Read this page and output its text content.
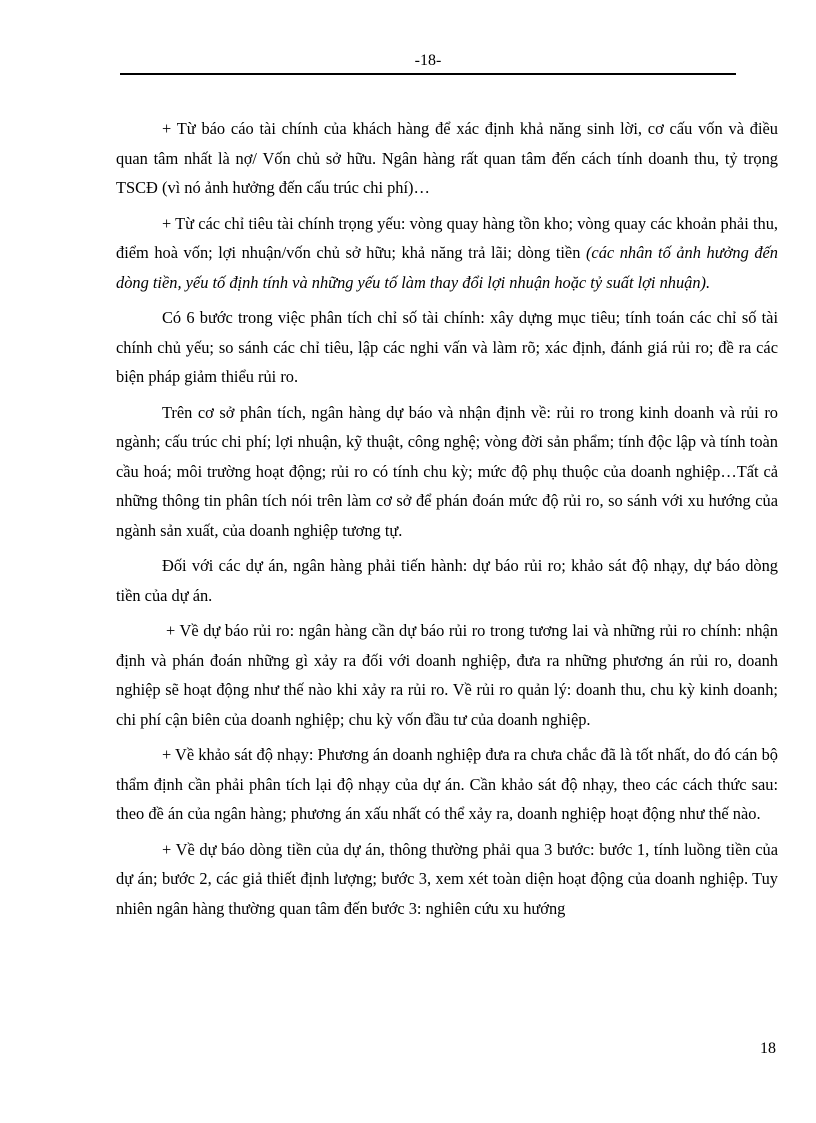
-18-

+ Từ báo cáo tài chính của khách hàng để xác định khả năng sinh lời, cơ cấu vốn và điều quan tâm nhất là nợ/ Vốn chủ sở hữu. Ngân hàng rất quan tâm đến cách tính doanh thu, tỷ trọng TSCĐ (vì nó ảnh hưởng đến cấu trúc chi phí)…

+ Từ các chỉ tiêu tài chính trọng yếu: vòng quay hàng tồn kho; vòng quay các khoản phải thu, điểm hoà vốn; lợi nhuận/vốn chủ sở hữu; khả năng trả lãi; dòng tiền (các nhân tố ảnh hưởng đến dòng tiền, yếu tố định tính và những yếu tố làm thay đổi lợi nhuận hoặc tỷ suất lợi nhuận).

Có 6 bước trong việc phân tích chỉ số tài chính: xây dựng mục tiêu; tính toán các chỉ số tài chính chủ yếu; so sánh các chỉ tiêu, lập các nghi vấn và làm rõ; xác định, đánh giá rủi ro; đề ra các biện pháp giảm thiểu rủi ro.

Trên cơ sở phân tích, ngân hàng dự báo và nhận định về: rủi ro trong kinh doanh và rủi ro ngành; cấu trúc chi phí; lợi nhuận, kỹ thuật, công nghệ; vòng đời sản phẩm; tính độc lập và tính toàn cầu hoá; môi trường hoạt động; rủi ro có tính chu kỳ; mức độ phụ thuộc của doanh nghiệp…Tất cả những thông tin phân tích nói trên làm cơ sở để phán đoán mức độ rủi ro, so sánh với xu hướng của ngành sản xuất, của doanh nghiệp tương tự.

Đối với các dự án, ngân hàng phải tiến hành: dự báo rủi ro; khảo sát độ nhạy, dự báo dòng tiền của dự án.

+ Về dự báo rủi ro: ngân hàng cần dự báo rủi ro trong tương lai và những rủi ro chính: nhận định và phán đoán những gì xảy ra đối với doanh nghiệp, đưa ra những phương án rủi ro, doanh nghiệp sẽ hoạt động như thế nào khi xảy ra rủi ro. Về rủi ro quản lý: doanh thu, chu kỳ kinh doanh; chi phí cận biên của doanh nghiệp; chu kỳ vốn đầu tư của doanh nghiệp.

+ Về khảo sát độ nhạy: Phương án doanh nghiệp đưa ra chưa chắc đã là tốt nhất, do đó cán bộ thẩm định cần phải phân tích lại độ nhạy của dự án. Cần khảo sát độ nhạy, theo các cách thức sau: theo đề án của ngân hàng; phương án xấu nhất có thể xảy ra, doanh nghiệp hoạt động như thế nào.

+ Về dự báo dòng tiền của dự án, thông thường phải qua 3 bước: bước 1, tính luồng tiền của dự án; bước 2, các giả thiết định lượng; bước 3, xem xét toàn diện hoạt động của doanh nghiệp. Tuy nhiên ngân hàng thường quan tâm đến bước 3: nghiên cứu xu hướng

18
